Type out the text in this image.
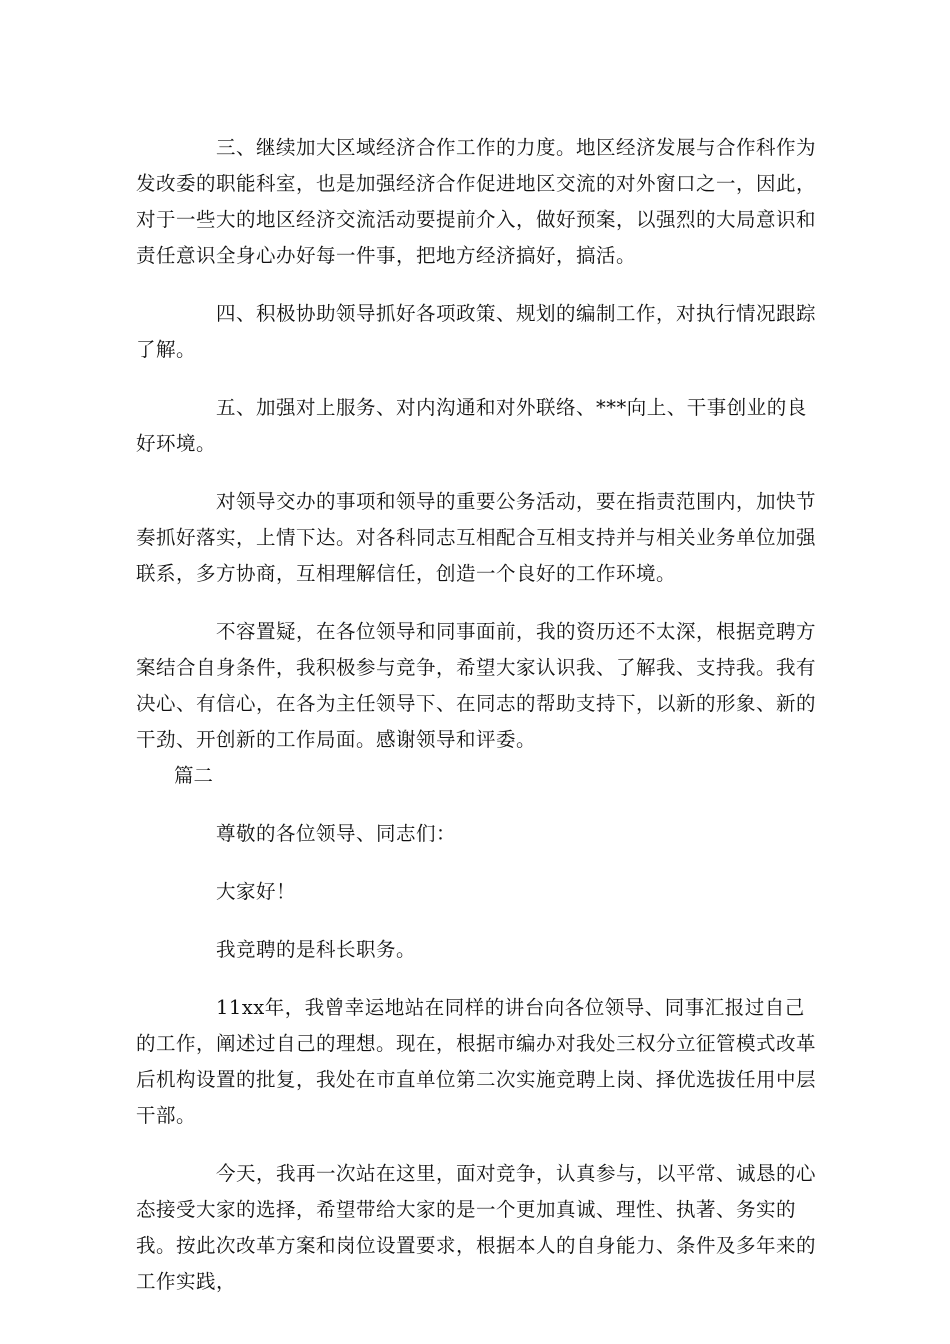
三、继续加大区域经济合作工作的力度。地区经济发展与合作科作为发改委的职能科室，也是加强经济合作促进地区交流的对外窗口之一，因此，对于一些大的地区经济交流活动要提前介入，做好预案，以强烈的大局意识和责任意识全身心办好每一件事，把地方经济搞好，搞活。

四、积极协助领导抓好各项政策、规划的编制工作，对执行情况跟踪了解。

五、加强对上服务、对内沟通和对外联络、***向上、干事创业的良好环境。

对领导交办的事项和领导的重要公务活动，要在指责范围内，加快节奏抓好落实，上情下达。对各科同志互相配合互相支持并与相关业务单位加强联系，多方协商，互相理解信任，创造一个良好的工作环境。

不容置疑，在各位领导和同事面前，我的资历还不太深，根据竞聘方案结合自身条件，我积极参与竞争，希望大家认识我、了解我、支持我。我有决心、有信心，在各为主任领导下、在同志的帮助支持下，以新的形象、新的干劲、开创新的工作局面。感谢领导和评委。

篇二

尊敬的各位领导、同志们：

大家好！

我竞聘的是科长职务。

11xx年，我曾幸运地站在同样的讲台向各位领导、同事汇报过自己的工作，阐述过自己的理想。现在，根据市编办对我处三权分立征管模式改革后机构设置的批复，我处在市直单位第二次实施竞聘上岗、择优选拔任用中层干部。

今天，我再一次站在这里，面对竞争，认真参与，以平常、诚恳的心态接受大家的选择，希望带给大家的是一个更加真诚、理性、执著、务实的我。按此次改革方案和岗位设置要求，根据本人的自身能力、条件及多年来的工作实践，
